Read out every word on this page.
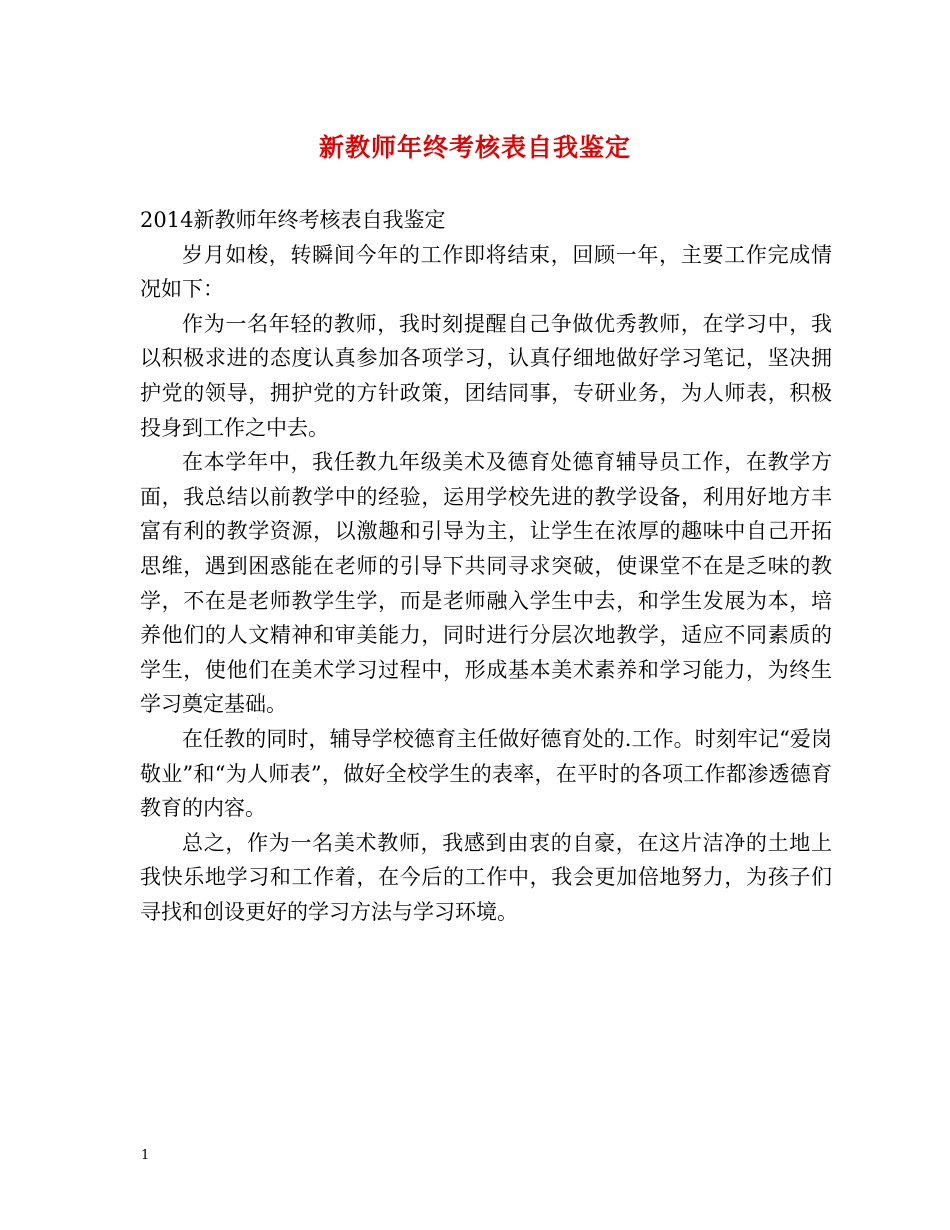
新教师年终考核表自我鉴定

2014新教师年终考核表自我鉴定

岁月如梭，转瞬间今年的工作即将结束，回顾一年，主要工作完成情况如下：

作为一名年轻的教师，我时刻提醒自己争做优秀教师，在学习中，我以积极求进的态度认真参加各项学习，认真仔细地做好学习笔记，坚决拥护党的领导，拥护党的方针政策，团结同事，专研业务，为人师表，积极投身到工作之中去。

在本学年中，我任教九年级美术及德育处德育辅导员工作，在教学方面，我总结以前教学中的经验，运用学校先进的教学设备，利用好地方丰富有利的教学资源，以激趣和引导为主，让学生在浓厚的趣味中自己开拓思维，遇到困惑能在老师的引导下共同寻求突破，使课堂不在是乏味的教学，不在是老师教学生学，而是老师融入学生中去，和学生发展为本，培养他们的人文精神和审美能力，同时进行分层次地教学，适应不同素质的学生，使他们在美术学习过程中，形成基本美术素养和学习能力，为终生学习奠定基础。

在任教的同时，辅导学校德育主任做好德育处的.工作。时刻牢记“爱岗敬业”和“为人师表”，做好全校学生的表率，在平时的各项工作都渗透德育教育的内容。

总之，作为一名美术教师，我感到由衷的自豪，在这片洁净的土地上我快乐地学习和工作着，在今后的工作中，我会更加倍地努力，为孩子们寻找和创设更好的学习方法与学习环境。

1
